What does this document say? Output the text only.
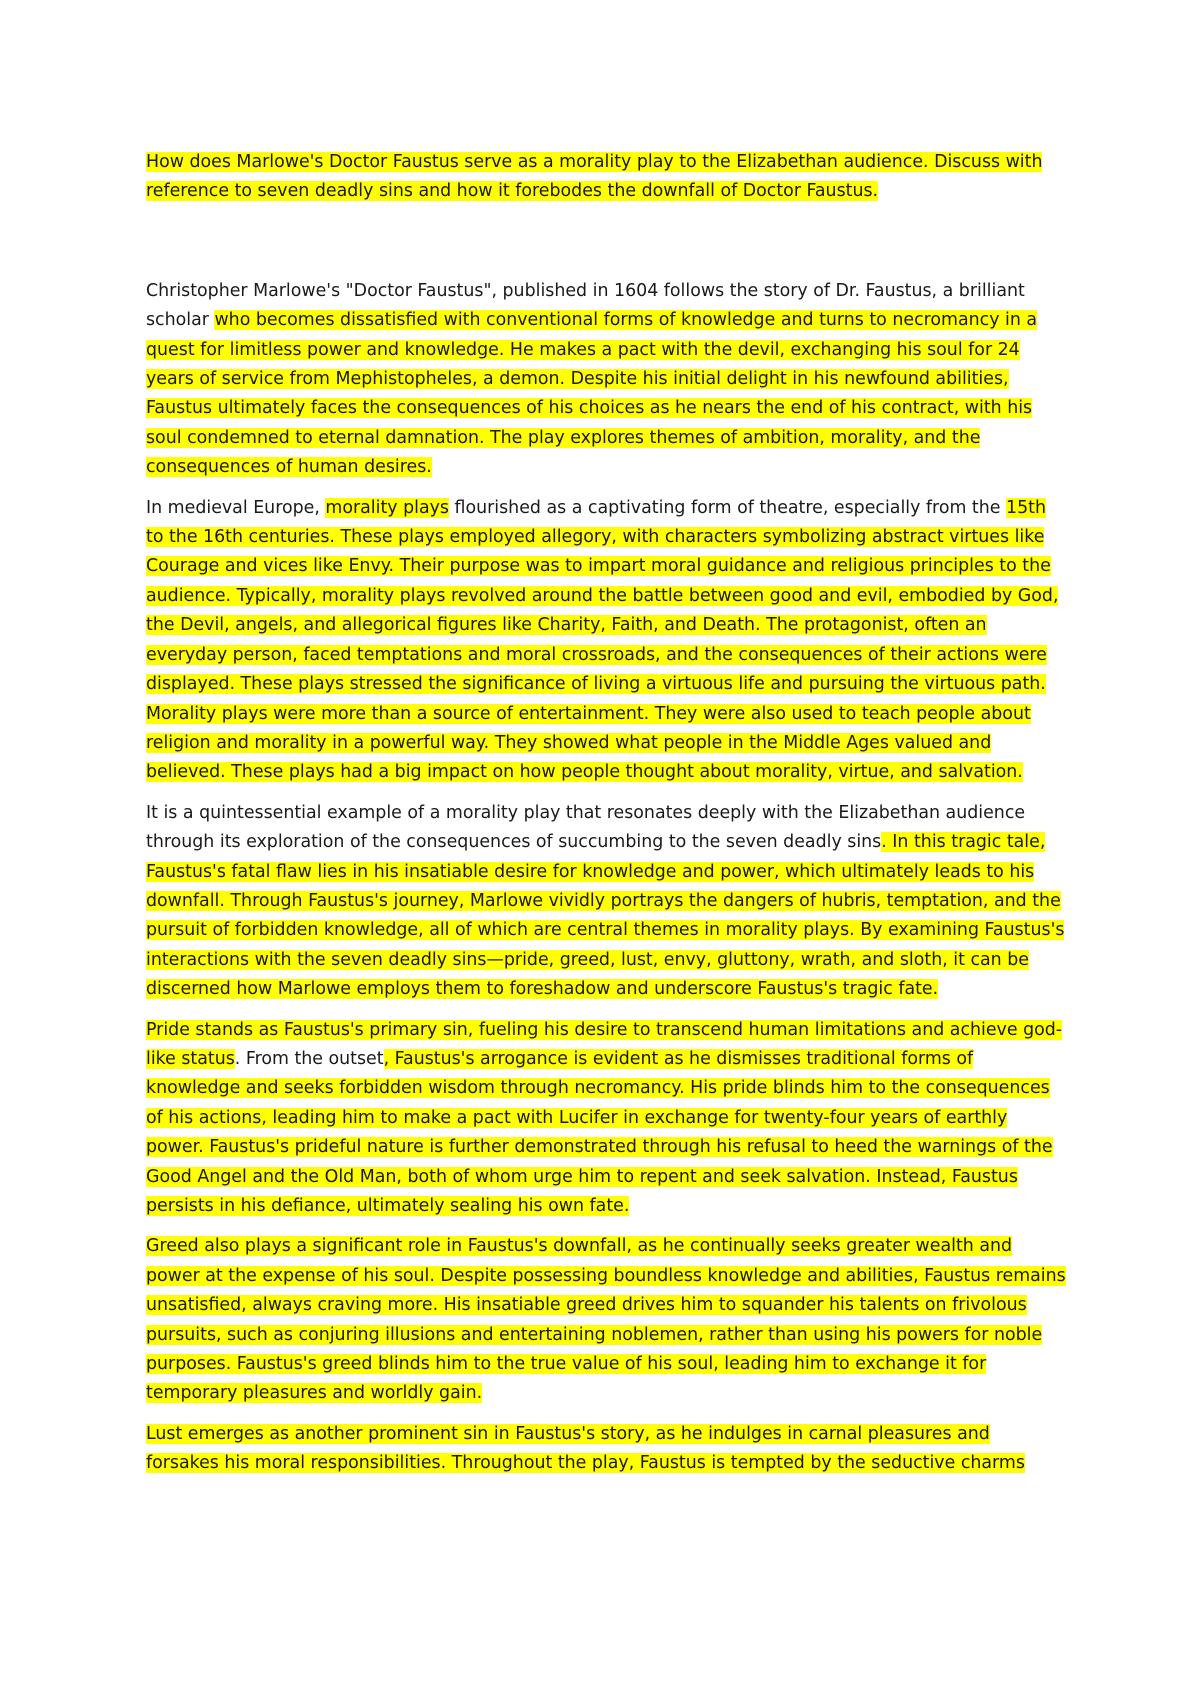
How does Marlowe's Doctor Faustus serve as a morality play to the Elizabethan audience. Discuss with reference to seven deadly sins and how it forebodes the downfall of Doctor Faustus.

Christopher Marlowe's "Doctor Faustus", published in 1604 follows the story of Dr. Faustus, a brilliant scholar who becomes dissatisfied with conventional forms of knowledge and turns to necromancy in a quest for limitless power and knowledge. He makes a pact with the devil, exchanging his soul for 24 years of service from Mephistopheles, a demon. Despite his initial delight in his newfound abilities, Faustus ultimately faces the consequences of his choices as he nears the end of his contract, with his soul condemned to eternal damnation. The play explores themes of ambition, morality, and the consequences of human desires.

In medieval Europe, morality plays flourished as a captivating form of theatre, especially from the 15th to the 16th centuries. These plays employed allegory, with characters symbolizing abstract virtues like Courage and vices like Envy. Their purpose was to impart moral guidance and religious principles to the audience. Typically, morality plays revolved around the battle between good and evil, embodied by God, the Devil, angels, and allegorical figures like Charity, Faith, and Death. The protagonist, often an everyday person, faced temptations and moral crossroads, and the consequences of their actions were displayed. These plays stressed the significance of living a virtuous life and pursuing the virtuous path. Morality plays were more than a source of entertainment. They were also used to teach people about religion and morality in a powerful way. They showed what people in the Middle Ages valued and believed. These plays had a big impact on how people thought about morality, virtue, and salvation.

It is a quintessential example of a morality play that resonates deeply with the Elizabethan audience through its exploration of the consequences of succumbing to the seven deadly sins. In this tragic tale, Faustus's fatal flaw lies in his insatiable desire for knowledge and power, which ultimately leads to his downfall. Through Faustus's journey, Marlowe vividly portrays the dangers of hubris, temptation, and the pursuit of forbidden knowledge, all of which are central themes in morality plays. By examining Faustus's interactions with the seven deadly sins—pride, greed, lust, envy, gluttony, wrath, and sloth, it can be discerned how Marlowe employs them to foreshadow and underscore Faustus's tragic fate.

Pride stands as Faustus's primary sin, fueling his desire to transcend human limitations and achieve god-like status. From the outset, Faustus's arrogance is evident as he dismisses traditional forms of knowledge and seeks forbidden wisdom through necromancy. His pride blinds him to the consequences of his actions, leading him to make a pact with Lucifer in exchange for twenty-four years of earthly power. Faustus's prideful nature is further demonstrated through his refusal to heed the warnings of the Good Angel and the Old Man, both of whom urge him to repent and seek salvation. Instead, Faustus persists in his defiance, ultimately sealing his own fate.

Greed also plays a significant role in Faustus's downfall, as he continually seeks greater wealth and power at the expense of his soul. Despite possessing boundless knowledge and abilities, Faustus remains unsatisfied, always craving more. His insatiable greed drives him to squander his talents on frivolous pursuits, such as conjuring illusions and entertaining noblemen, rather than using his powers for noble purposes. Faustus's greed blinds him to the true value of his soul, leading him to exchange it for temporary pleasures and worldly gain.

Lust emerges as another prominent sin in Faustus's story, as he indulges in carnal pleasures and forsakes his moral responsibilities. Throughout the play, Faustus is tempted by the seductive charms
